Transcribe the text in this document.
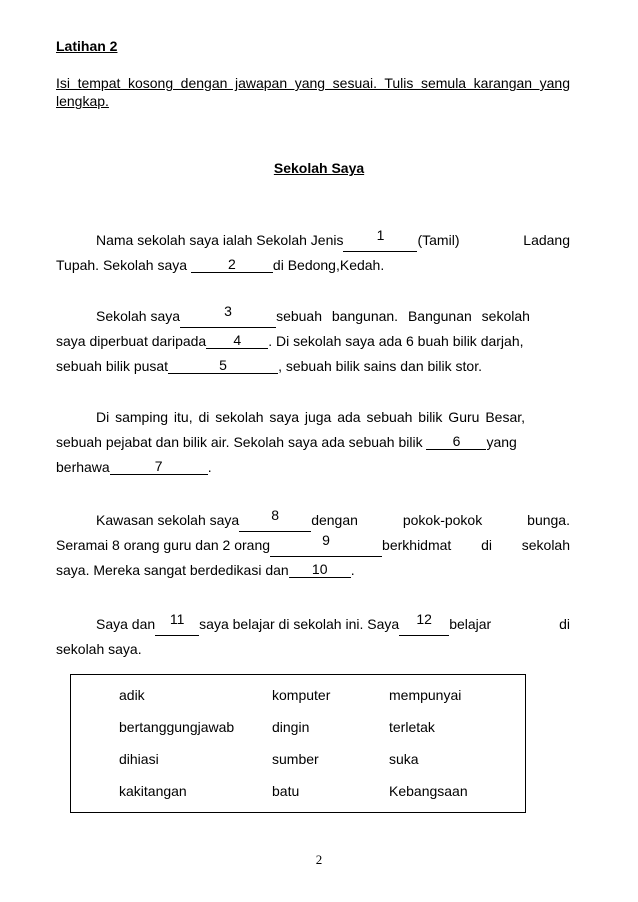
Latihan 2
Isi tempat kosong dengan jawapan yang sesuai. Tulis semula karangan yang lengkap.
Sekolah Saya
Nama sekolah saya ialah Sekolah Jenis	1	(Tamil)	Ladang
Tupah. Sekolah saya	2	di Bedong,Kedah.
Sekolah saya	3	sebuah bangunan. Bangunan sekolah
saya diperbuat daripada 4 . Di sekolah saya ada 6 buah bilik darjah,
sebuah bilik pusat	5	, sebuah bilik sains dan bilik stor.
Di samping itu, di sekolah saya juga ada sebuah bilik Guru Besar,
sebuah pejabat dan bilik air. Sekolah saya ada sebuah bilik 6 yang
berhawa	7	.
Kawasan sekolah saya	8	dengan	pokok-pokok	bunga.
Seramai 8 orang guru dan 2 orang	9	berkhidmat di sekolah
saya. Mereka sangat berdedikasi dan 10 .
Saya dan	11	saya belajar di sekolah ini. Saya	12	belajar	di
sekolah saya.
adik	komputer	mempunyai
bertanggungjawab	dingin	terletak
dihiasi	sumber	suka
kakitangan	batu	Kebangsaan
2
